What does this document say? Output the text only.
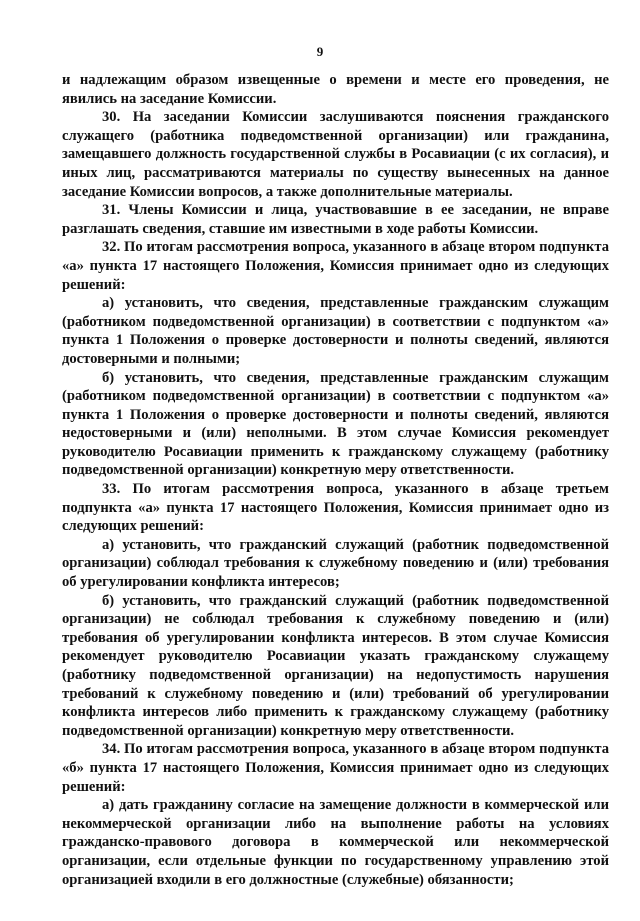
9

и надлежащим образом извещенные о времени и месте его проведения, не явились на заседание Комиссии.

30. На заседании Комиссии заслушиваются пояснения гражданского служащего (работника подведомственной организации) или гражданина, замещавшего должность государственной службы в Росавиации (с их согласия), и иных лиц, рассматриваются материалы по существу вынесенных на данное заседание Комиссии вопросов, а также дополнительные материалы.

31. Члены Комиссии и лица, участвовавшие в ее заседании, не вправе разглашать сведения, ставшие им известными в ходе работы Комиссии.

32. По итогам рассмотрения вопроса, указанного в абзаце втором подпункта «а» пункта 17 настоящего Положения, Комиссия принимает одно из следующих решений:

а) установить, что сведения, представленные гражданским служащим (работником подведомственной организации) в соответствии с подпунктом «а» пункта 1 Положения о проверке достоверности и полноты сведений, являются достоверными и полными;

б) установить, что сведения, представленные гражданским служащим (работником подведомственной организации) в соответствии с подпунктом «а» пункта 1 Положения о проверке достоверности и полноты сведений, являются недостоверными и (или) неполными. В этом случае Комиссия рекомендует руководителю Росавиации применить к гражданскому служащему (работнику подведомственной организации) конкретную меру ответственности.

33. По итогам рассмотрения вопроса, указанного в абзаце третьем подпункта «а» пункта 17 настоящего Положения, Комиссия принимает одно из следующих решений:

а) установить, что гражданский служащий (работник подведомственной организации) соблюдал требования к служебному поведению и (или) требования об урегулировании конфликта интересов;

б) установить, что гражданский служащий (работник подведомственной организации) не соблюдал требования к служебному поведению и (или) требования об урегулировании конфликта интересов. В этом случае Комиссия рекомендует руководителю Росавиации указать гражданскому служащему (работнику подведомственной организации) на недопустимость нарушения требований к служебному поведению и (или) требований об урегулировании конфликта интересов либо применить к гражданскому служащему (работнику подведомственной организации) конкретную меру ответственности.

34. По итогам рассмотрения вопроса, указанного в абзаце втором подпункта «б» пункта 17 настоящего Положения, Комиссия принимает одно из следующих решений:

а) дать гражданину согласие на замещение должности в коммерческой или некоммерческой организации либо на выполнение работы на условиях гражданско-правового договора в коммерческой или некоммерческой организации, если отдельные функции по государственному управлению этой организацией входили в его должностные (служебные) обязанности;
